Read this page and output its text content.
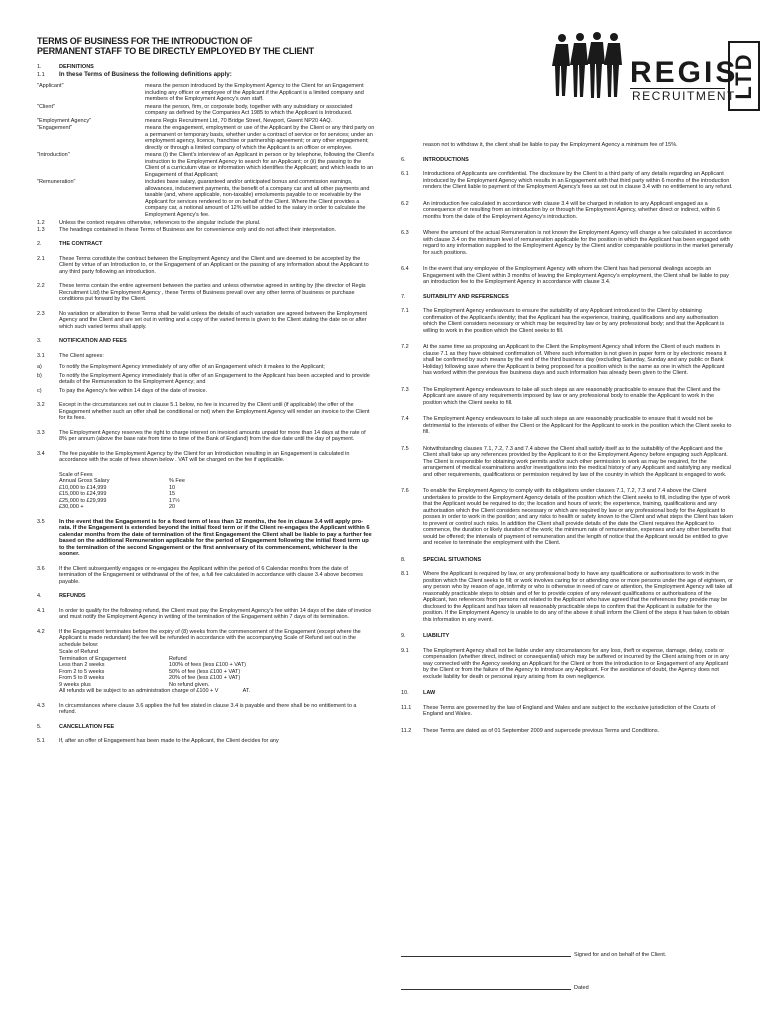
REGIS
RECRUITMENT
LTD
TERMS OF BUSINESS FOR THE INTRODUCTION OF
PERMANENT STAFF TO BE DIRECTLY EMPLOYED BY THE CLIENT
1.	DEFINITIONS
1.1	In these Terms of Business the following definitions apply:
"Applicant"	means the person introduced by the Employment Agency to the Client for an Engagement including any officer or employee of the Applicant if the Applicant is a limited company and members of the Employment Agency's own staff.
"Client"	means the person, firm, or corporate body, together with any subsidiary or associated company as defined by the Companies Act 1985 to which the Applicant is Introduced.
"Employment Agency"	means Regis Recruitment Ltd, 70 Bridge Street, Newport, Gwent NP20 4AQ.
"Engagement"	means the engagement, employment or use of the Applicant by the Client or any third party on a permanent or temporary basis, whether under a contract of service or for services; under an employment agency, licence, franchise or partnership agreement; or any other engagement; directly or through a limited company of which the Applicant is an officer or employee.
"Introduction"	means (i) the Client's interview of an Applicant in person or by telephone, following the Client's instruction to the Employment Agency to search for an Applicant; or (ii) the passing to the Client of a curriculum vitae or information which identifies the Applicant; and which leads to an Engagement of that Applicant;
"Remuneration"	includes base salary, guaranteed and/or anticipated bonus and commission earnings, allowances, inducement payments, the benefit of a company car and all other payments and taxable (and, where applicable, non-taxable) emoluments payable to or receivable by the Applicant for services rendered to or on behalf of the Client. Where the Client provides a company car, a notional amount of 12% will be added to the salary in order to calculate the Employment Agency's fee.
1.2	Unless the context requires otherwise, references to the singular include the plural.
1.3	The headings contained in these Terms of Business are for convenience only and do not affect their interpretation.
2.	THE CONTRACT
2.1	These Terms constitute the contract between the Employment Agency and the Client and are deemed to be accepted by the Client by virtue of an Introduction to, or the Engagement of an Applicant or the passing of any information about the Applicant to any third party following an introduction.
2.2	These terms contain the entire agreement between the parties and unless otherwise agreed in writing by (the director of Regis Recruitment Ltd) the Employment Agency , these Terms of Business prevail over any other terms of business or purchase conditions put forward by the Client.
2.3	No variation or alteration to these Terms shall be valid unless the details of such variation are agreed between the Employment Agency and the Client and are set out in writing and a copy of the varied terms is given to the Client stating the date on or after which such varied terms shall apply.
3.	NOTIFICATION AND FEES
3.1	The Client agrees:
a)	To notify the Employment Agency immediately of any offer of an Engagement which it makes to the Applicant;
b)	To notify the Employment Agency immediately that is offer of an Engagement to the Applicant has been accepted and to provide details of the Remuneration to the Employment Agency; and
c)	To pay the Agency's fee within 14 days of the date of invoice.
3.2	Except in the circumstances set out in clause 5.1 below, no fee is incurred by the Client until (if applicable) the offer of the Engagement whether such an offer shall be conditional or not) when the Employment Agency will render an invoice to the Client for its fees.
3.3	The Employment Agency reserves the right to charge interest on invoiced amounts unpaid for more than 14 days at the rate of 8% per annum (above the base rate from time to time of the Bank of England) from the due date until the day of payment.
3.4	The fee payable to the Employment Agency by the Client for an Introduction resulting in an Engagement is calculated in accordance with the scale of fees shown below . VAT will be charged on the fee if applicable.
Scale of Fees
Annual Gross Salary	% Fee
£10,000 to £14,999	10
£15,000 to £24,999	15
£25,000 to £29,999	17½
£30,000 +	20
3.5	In the event that the Engagement is for a fixed term of less than 12 months, the fee in clause 3.4 will apply pro-rata. If the Engagement is extended beyond the initial fixed term or if the Client re-engages the Applicant within 6 calendar months from the date of termination of the first Engagement the Client shall be liable to pay a further fee based on the additional Remuneration applicable for the period of Engagement following the initial fixed term up to the termination of the second Engagement or the first anniversary of its commencement, whichever is the sooner.
3.6	If the Client subsequently engages or re-engages the Applicant within the period of 6 Calendar months from the date of termination of the Engagement or withdrawal of the of fee, a full fee calculated in accordance with clause 3.4 above becomes payable.
4.	REFUNDS
4.1	In order to qualify for the following refund, the Client must pay the Employment Agency's fee within 14 days of the date of invoice and must notify the Employment Agency in writing of the termination of the Engagement within 7 days of its termination.
4.2	If the Engagement terminates before the expiry of (8) weeks from the commencement of the Engagement (except where the Applicant is made redundant) the fee will be refunded in accordance with the accompanying Scale of Refund set out in the schedule below:
Scale of Refund
Termination of Engagement	Refund
Less than 2 weeks	100% of fees (less £100 + VAT)
From 2 to 5 weeks	50% of fee (less £100 + VAT)
From 5 to 8 weeks	20% of fee (less £100 + VAT)
9 weeks plus	No refund given.
All refunds will be subject to an administration charge of £100 + V                AT.
4.3	In circumstances where clause 3.6 applies the full fee stated in clause 3.4 is payable and there shall be no entitlement to a refund.
5.	CANCELLATION FEE
5.1	If, after an offer of Engagement has been made to the Applicant, the Client decides for any
reason not to withdraw it, the client shall be liable to pay the Employment Agency a minimum fee of 15%.
6.	INTRODUCTIONS
6.1	Introductions of Applicants are confidential. The disclosure by the Client to a third party of any details regarding an Applicant introduced by the Employment Agency which results in an Engagement with that third party within 6 months of the introduction renders the Client liable to payment of the Employment Agency's fees as set out in clause 3.4 with no entitlement to any refund.
6.2	An introduction fee calculated in accordance with clause 3.4 will be charged in relation to any Applicant engaged as a consequence of or resulting from an introduction by or through the Employment Agency, whether direct or indirect, within 6 months from the date of the Employment Agency's introduction.
6.3	Where the amount of the actual Remuneration is not known the Employment Agency will charge a fee calculated in accordance with clause 3.4 on the minimum level of remuneration applicable for the position in which the Applicant has been engaged with regard to any information supplied to the Employment Agency by the Client and/or comparable positions in the market generally for such positions.
6.4	In the event that any employee of the Employment Agency with whom the Client has had personal dealings accepts an Engagement with the Client within 3 months of leaving the Employment Agency's employment, the Client shall be liable to pay an introduction fee to the Employment Agency in accordance with clause 3.4.
7.	SUITABILITY AND REFERENCES
7.1	The Employment Agency endeavours to ensure the suitability of any Applicant introduced to the Client by obtaining confirmation of the Applicant's identity; that the Applicant has the experience, training, qualifications and any authorisation which the Client considers necessary or which may be required by law or by any professional body; and that the Applicant is willing to work in the position which the Client seeks to fill.
7.2	At the same time as proposing an Applicant to the Client the Employment Agency shall inform the Client of such matters in clause 7.1 as they have obtained confirmation of. Where such information is not given in paper form or by electronic means it shall be confirmed by such means by the end of the third business day (excluding Saturday, Sunday and any public or Bank Holiday) following save where the Applicant is being proposed for a position which is the same as one in which the Applicant has worked within the previous five business days and such information has already been given to the Client.
7.3	The Employment Agency endeavours to take all such steps as are reasonably practicable to ensure that the Client and the Applicant are aware of any requirements imposed by law or any professional body to enable the Applicant to work in the position which the Client seeks to fill.
7.4	The Employment Agency endeavours to take all such steps as are reasonably practicable to ensure that it would not be detrimental to the interests of either the Client or the Applicant for the Applicant to work in the position which the Client seeks to fill.
7.5	Notwithstanding clauses 7.1, 7.2, 7.3 and 7.4 above the Client shall satisfy itself as to the suitability of the Applicant and the Client shall take up any references provided by the Applicant to it or the Employment Agency before engaging such Applicant. The Client is responsible for obtaining work permits and/or such other permission to work as may be required, for the arrangement of medical examinations and/or investigations into the medical history of any Applicant and satisfying any medical and other requirements, qualifications or permission required by law of the country in which the Applicant is engaged to work.
7.6	To enable the Employment Agency to comply with its obligations under clauses 7.1, 7.2, 7.3 and 7.4 above the Client undertakes to provide to the Employment Agency details of the position which the Client seeks to fill, including the type of work that the Applicant would be required to do; the location and hours of work; the experience, training, qualifications and any authorisation which the Client considers necessary or which are required by law or any professional body for the Applicant to posses in order to work in the position; and any risks to health or safety known to the Client and what steps the Client has taken to prevent or control such risks. In addition the Client shall provide details of the date the Client requires the Applicant to commence, the duration or likely duration of the work; the minimum rate of remuneration, expenses and any other benefits that would be offered; the intervals of payment of remuneration and the length of notice that the Applicant would be entitled to give and receive to terminate the employment with the Client.
8.	SPECIAL SITUATIONS
8.1	Where the Applicant is required by law, or any professional body to have any qualifications or authorisations to work in the position which the Client seeks to fill; or work involves caring for or attending one or more persons under the age of eighteen, or any person who by reason of age, infirmity or who is otherwise in need of care or attention, the Employment Agency will take all reasonably practicable steps to obtain and of fer to provide copies of any relevant qualifications or authorisations of the Applicant, two references from persons not related to the Applicant who have agreed that the references they provide may be disclosed to the Applicant and has taken all reasonably practicable steps to confirm that the Applicant is suitable for the position. If the Employment Agency is unable to do any of the above it shall inform the Client of the steps it has taken to obtain this information in any event.
9.	LIABILITY
9.1	The Employment Agency shall not be liable under any circumstances for any loss, theft or expense, damage, delay, costs or compensation (whether direct, indirect or consequential) which may be suffered or incurred by the Client arising from or in any way connected with the Agency seeking an Applicant for the Client or from the introduction to or Engagement of any Applicant by the Client or from the failure of the Agency to introduce any Applicant. For the avoidance of doubt, the Agency does not exclude liability for death or personal injury arising from its own negligence.
10.	LAW
11.1	These Terms are governed by the law of England and Wales and are subject to the exclusive jurisdiction of the Courts of England and Wales.
11.2	These Terms are dated as of 01 September 2009 and supercede previous Terms and Conditions.
Signed for and on behalf of the Client.
Dated
